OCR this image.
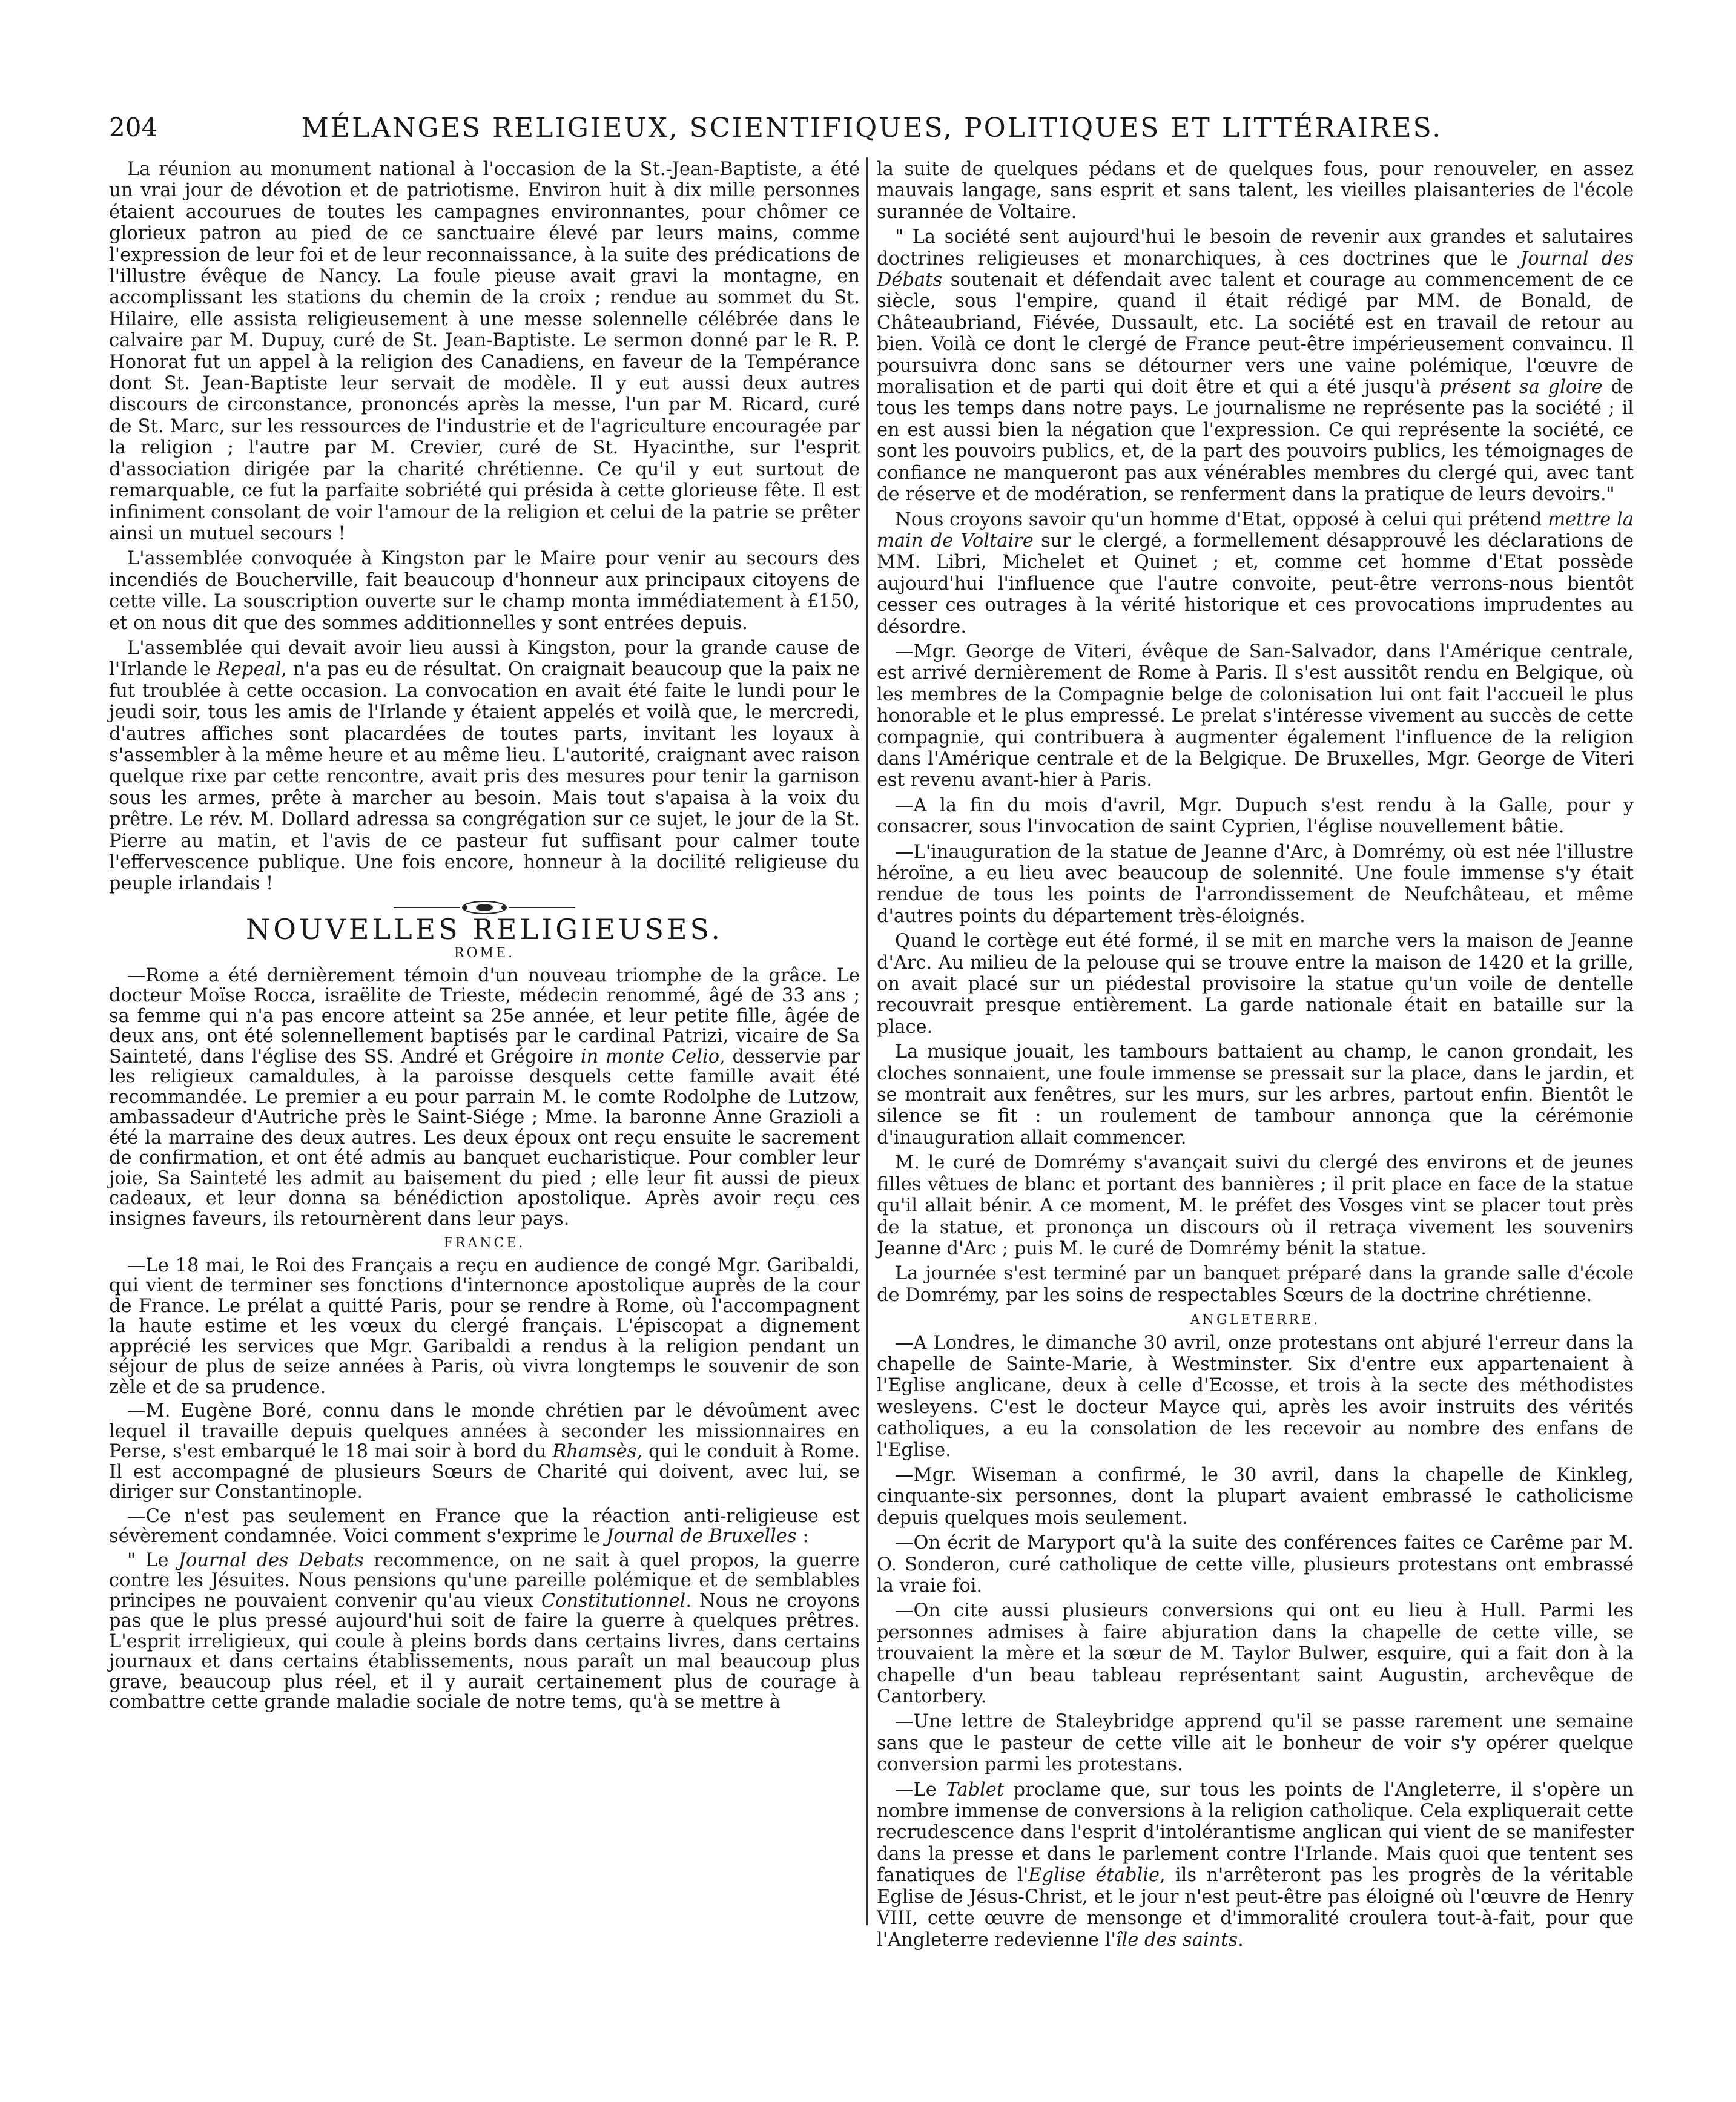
204	MÉLANGES RELIGIEUX, SCIENTIFIQUES, POLITIQUES ET LITTÉRAIRES.

La réunion au monument national à l'occasion de la St.-Jean-Baptiste, a été un vrai jour de dévotion et de patriotisme. Environ huit à dix mille personnes étaient accourues de toutes les campagnes environnantes, pour chômer ce glorieux patron au pied de ce sanctuaire élevé par leurs mains, comme l'expression de leur foi et de leur reconnaissance, à la suite des prédications de l'illustre évêque de Nancy. La foule pieuse avait gravi la montagne, en accomplissant les stations du chemin de la croix ; rendue au sommet du St. Hilaire, elle assista religieusement à une messe solennelle célébrée dans le calvaire par M. Dupuy, curé de St. Jean-Baptiste. Le sermon donné par le R. P. Honorat fut un appel à la religion des Canadiens, en faveur de la Tempérance dont St. Jean-Baptiste leur servait de modèle. Il y eut aussi deux autres discours de circonstance, prononcés après la messe, l'un par M. Ricard, curé de St. Marc, sur les ressources de l'industrie et de l'agriculture encouragée par la religion ; l'autre par M. Crevier, curé de St. Hyacinthe, sur l'esprit d'association dirigée par la charité chrétienne. Ce qu'il y eut surtout de remarquable, ce fut la parfaite sobriété qui présida à cette glorieuse fête. Il est infiniment consolant de voir l'amour de la religion et celui de la patrie se prêter ainsi un mutuel secours !

L'assemblée convoquée à Kingston par le Maire pour venir au secours des incendiés de Boucherville, fait beaucoup d'honneur aux principaux citoyens de cette ville. La souscription ouverte sur le champ monta immédiatement à £150, et on nous dit que des sommes additionnelles y sont entrées depuis.

L'assemblée qui devait avoir lieu aussi à Kingston, pour la grande cause de l'Irlande le Repeal, n'a pas eu de résultat. On craignait beaucoup que la paix ne fut troublée à cette occasion. La convocation en avait été faite le lundi pour le jeudi soir, tous les amis de l'Irlande y étaient appelés et voilà que, le mercredi, d'autres affiches sont placardées de toutes parts, invitant les loyaux à s'assembler à la même heure et au même lieu. L'autorité, craignant avec raison quelque rixe par cette rencontre, avait pris des mesures pour tenir la garnison sous les armes, prête à marcher au besoin. Mais tout s'apaisa à la voix du prêtre. Le rév. M. Dollard adressa sa congrégation sur ce sujet, le jour de la St. Pierre au matin, et l'avis de ce pasteur fut suffisant pour calmer toute l'effervescence publique. Une fois encore, honneur à la docilité religieuse du peuple irlandais !

NOUVELLES RELIGIEUSES.
ROME.

—Rome a été dernièrement témoin d'un nouveau triomphe de la grâce. Le docteur Moïse Rocca, israëlite de Trieste, médecin renommé, âgé de 33 ans ; sa femme qui n'a pas encore atteint sa 25e année, et leur petite fille, âgée de deux ans, ont été solennellement baptisés par le cardinal Patrizi, vicaire de Sa Sainteté, dans l'église des SS. André et Grégoire in monte Celio, desservie par les religieux camaldules, à la paroisse desquels cette famille avait été recommandée. Le premier a eu pour parrain M. le comte Rodolphe de Lutzow, ambassadeur d'Autriche près le Saint-Siége ; Mme. la baronne Anne Grazioli a été la marraine des deux autres. Les deux époux ont reçu ensuite le sacrement de confirmation, et ont été admis au banquet eucharistique. Pour combler leur joie, Sa Sainteté les admit au baisement du pied ; elle leur fit aussi de pieux cadeaux, et leur donna sa bénédiction apostolique. Après avoir reçu ces insignes faveurs, ils retournèrent dans leur pays.

FRANCE.

—Le 18 mai, le Roi des Français a reçu en audience de congé Mgr. Garibaldi, qui vient de terminer ses fonctions d'internonce apostolique auprès de la cour de France. Le prélat a quitté Paris, pour se rendre à Rome, où l'accompagnent la haute estime et les vœux du clergé français. L'épiscopat a dignement apprécié les services que Mgr. Garibaldi a rendus à la religion pendant un séjour de plus de seize années à Paris, où vivra longtemps le souvenir de son zèle et de sa prudence.

—M. Eugène Boré, connu dans le monde chrétien par le dévoûment avec lequel il travaille depuis quelques années à seconder les missionnaires en Perse, s'est embarqué le 18 mai soir à bord du Rhamsès, qui le conduit à Rome. Il est accompagné de plusieurs Sœurs de Charité qui doivent, avec lui, se diriger sur Constantinople.

—Ce n'est pas seulement en France que la réaction anti-religieuse est sévèrement condamnée. Voici comment s'exprime le Journal de Bruxelles :

" Le Journal des Debats recommence, on ne sait à quel propos, la guerre contre les Jésuites. Nous pensions qu'une pareille polémique et de semblables principes ne pouvaient convenir qu'au vieux Constitutionnel. Nous ne croyons pas que le plus pressé aujourd'hui soit de faire la guerre à quelques prêtres. L'esprit irreligieux, qui coule à pleins bords dans certains livres, dans certains journaux et dans certains établissements, nous paraît un mal beaucoup plus grave, beaucoup plus réel, et il y aurait certainement plus de courage à combattre cette grande maladie sociale de notre tems, qu'à se mettre à

la suite de quelques pédans et de quelques fous, pour renouveler, en assez mauvais langage, sans esprit et sans talent, les vieilles plaisanteries de l'école surannée de Voltaire.

" La société sent aujourd'hui le besoin de revenir aux grandes et salutaires doctrines religieuses et monarchiques, à ces doctrines que le Journal des Débats soutenait et défendait avec talent et courage au commencement de ce siècle, sous l'empire, quand il était rédigé par MM. de Bonald, de Châteaubriand, Fiévée, Dussault, etc. La société est en travail de retour au bien. Voilà ce dont le clergé de France peut-être impérieusement convaincu. Il poursuivra donc sans se détourner vers une vaine polémique, l'œuvre de moralisation et de parti qui doit être et qui a été jusqu'à présent sa gloire de tous les temps dans notre pays. Le journalisme ne représente pas la société ; il en est aussi bien la négation que l'expression. Ce qui représente la société, ce sont les pouvoirs publics, et, de la part des pouvoirs publics, les témoignages de confiance ne manqueront pas aux vénérables membres du clergé qui, avec tant de réserve et de modération, se renferment dans la pratique de leurs devoirs."

Nous croyons savoir qu'un homme d'Etat, opposé à celui qui prétend mettre la main de Voltaire sur le clergé, a formellement désapprouvé les déclarations de MM. Libri, Michelet et Quinet ; et, comme cet homme d'Etat possède aujourd'hui l'influence que l'autre convoite, peut-être verrons-nous bientôt cesser ces outrages à la vérité historique et ces provocations imprudentes au désordre.

—Mgr. George de Viteri, évêque de San-Salvador, dans l'Amérique centrale, est arrivé dernièrement de Rome à Paris. Il s'est aussitôt rendu en Belgique, où les membres de la Compagnie belge de colonisation lui ont fait l'accueil le plus honorable et le plus empressé. Le prelat s'intéresse vivement au succès de cette compagnie, qui contribuera à augmenter également l'influence de la religion dans l'Amérique centrale et de la Belgique. De Bruxelles, Mgr. George de Viteri est revenu avant-hier à Paris.

—A la fin du mois d'avril, Mgr. Dupuch s'est rendu à la Galle, pour y consacrer, sous l'invocation de saint Cyprien, l'église nouvellement bâtie.

—L'inauguration de la statue de Jeanne d'Arc, à Domrémy, où est née l'illustre héroïne, a eu lieu avec beaucoup de solennité. Une foule immense s'y était rendue de tous les points de l'arrondissement de Neufchâteau, et même d'autres points du département très-éloignés.

Quand le cortège eut été formé, il se mit en marche vers la maison de Jeanne d'Arc. Au milieu de la pelouse qui se trouve entre la maison de 1420 et la grille, on avait placé sur un piédestal provisoire la statue qu'un voile de dentelle recouvrait presque entièrement. La garde nationale était en bataille sur la place.

La musique jouait, les tambours battaient au champ, le canon grondait, les cloches sonnaient, une foule immense se pressait sur la place, dans le jardin, et se montrait aux fenêtres, sur les murs, sur les arbres, partout enfin. Bientôt le silence se fit : un roulement de tambour annonça que la cérémonie d'inauguration allait commencer.

M. le curé de Domrémy s'avançait suivi du clergé des environs et de jeunes filles vêtues de blanc et portant des bannières ; il prit place en face de la statue qu'il allait bénir. A ce moment, M. le préfet des Vosges vint se placer tout près de la statue, et prononça un discours où il retraça vivement les souvenirs Jeanne d'Arc ; puis M. le curé de Domrémy bénit la statue.

La journée s'est terminé par un banquet préparé dans la grande salle d'école de Domrémy, par les soins de respectables Sœurs de la doctrine chrétienne.

ANGLETERRE.

—A Londres, le dimanche 30 avril, onze protestans ont abjuré l'erreur dans la chapelle de Sainte-Marie, à Westminster. Six d'entre eux appartenaient à l'Eglise anglicane, deux à celle d'Ecosse, et trois à la secte des méthodistes wesleyens. C'est le docteur Mayce qui, après les avoir instruits des vérités catholiques, a eu la consolation de les recevoir au nombre des enfans de l'Eglise.

—Mgr. Wiseman a confirmé, le 30 avril, dans la chapelle de Kinkleg, cinquante-six personnes, dont la plupart avaient embrassé le catholicisme depuis quelques mois seulement.

—On écrit de Maryport qu'à la suite des conférences faites ce Carême par M. O. Sonderon, curé catholique de cette ville, plusieurs protestans ont embrassé la vraie foi.

—On cite aussi plusieurs conversions qui ont eu lieu à Hull. Parmi les personnes admises à faire abjuration dans la chapelle de cette ville, se trouvaient la mère et la sœur de M. Taylor Bulwer, esquire, qui a fait don à la chapelle d'un beau tableau représentant saint Augustin, archevêque de Cantorbery.

—Une lettre de Staleybridge apprend qu'il se passe rarement une semaine sans que le pasteur de cette ville ait le bonheur de voir s'y opérer quelque conversion parmi les protestans.

—Le Tablet proclame que, sur tous les points de l'Angleterre, il s'opère un nombre immense de conversions à la religion catholique. Cela expliquerait cette recrudescence dans l'esprit d'intolérantisme anglican qui vient de se manifester dans la presse et dans le parlement contre l'Irlande. Mais quoi que tentent ses fanatiques de l'Eglise établie, ils n'arrêteront pas les progrès de la véritable Eglise de Jésus-Christ, et le jour n'est peut-être pas éloigné où l'œuvre de Henry VIII, cette œuvre de mensonge et d'immoralité croulera tout-à-fait, pour que l'Angleterre redevienne l'île des saints.
